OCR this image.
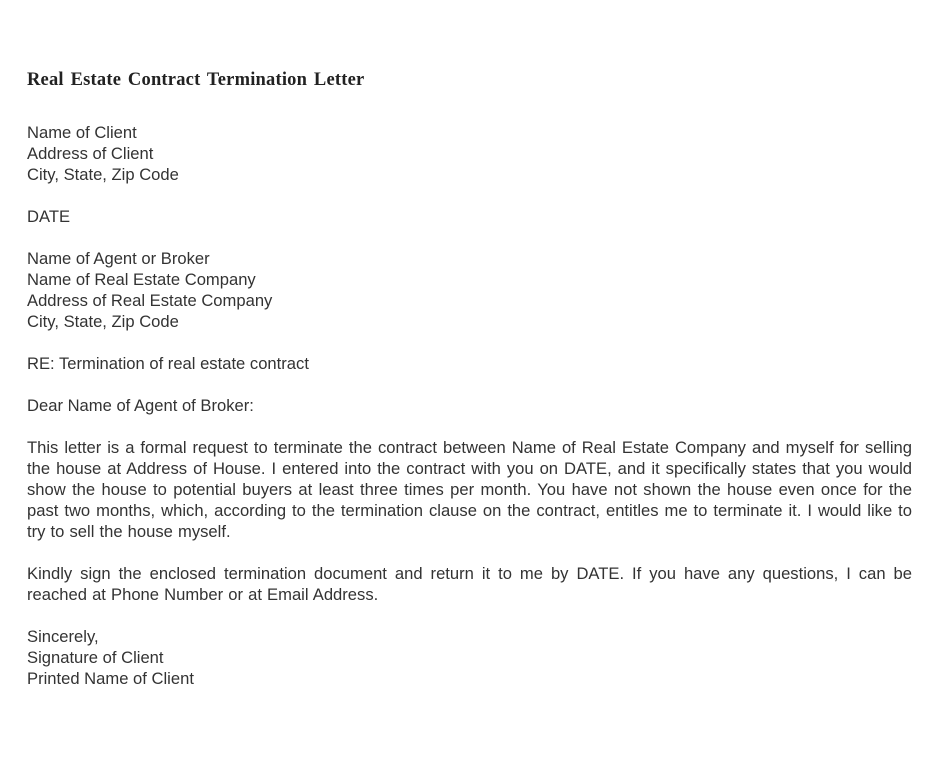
Real Estate Contract Termination Letter
Name of Client
Address of Client
City, State, Zip Code
DATE
Name of Agent or Broker
Name of Real Estate Company
Address of Real Estate Company
City, State, Zip Code
RE: Termination of real estate contract
Dear Name of Agent of Broker:
This letter is a formal request to terminate the contract between Name of Real Estate Company and myself for selling the house at Address of House. I entered into the contract with you on DATE, and it specifically states that you would show the house to potential buyers at least three times per month. You have not shown the house even once for the past two months, which, according to the termination clause on the contract, entitles me to terminate it. I would like to try to sell the house myself.
Kindly sign the enclosed termination document and return it to me by DATE. If you have any questions, I can be reached at Phone Number or at Email Address.
Sincerely,
Signature of Client
Printed Name of Client
